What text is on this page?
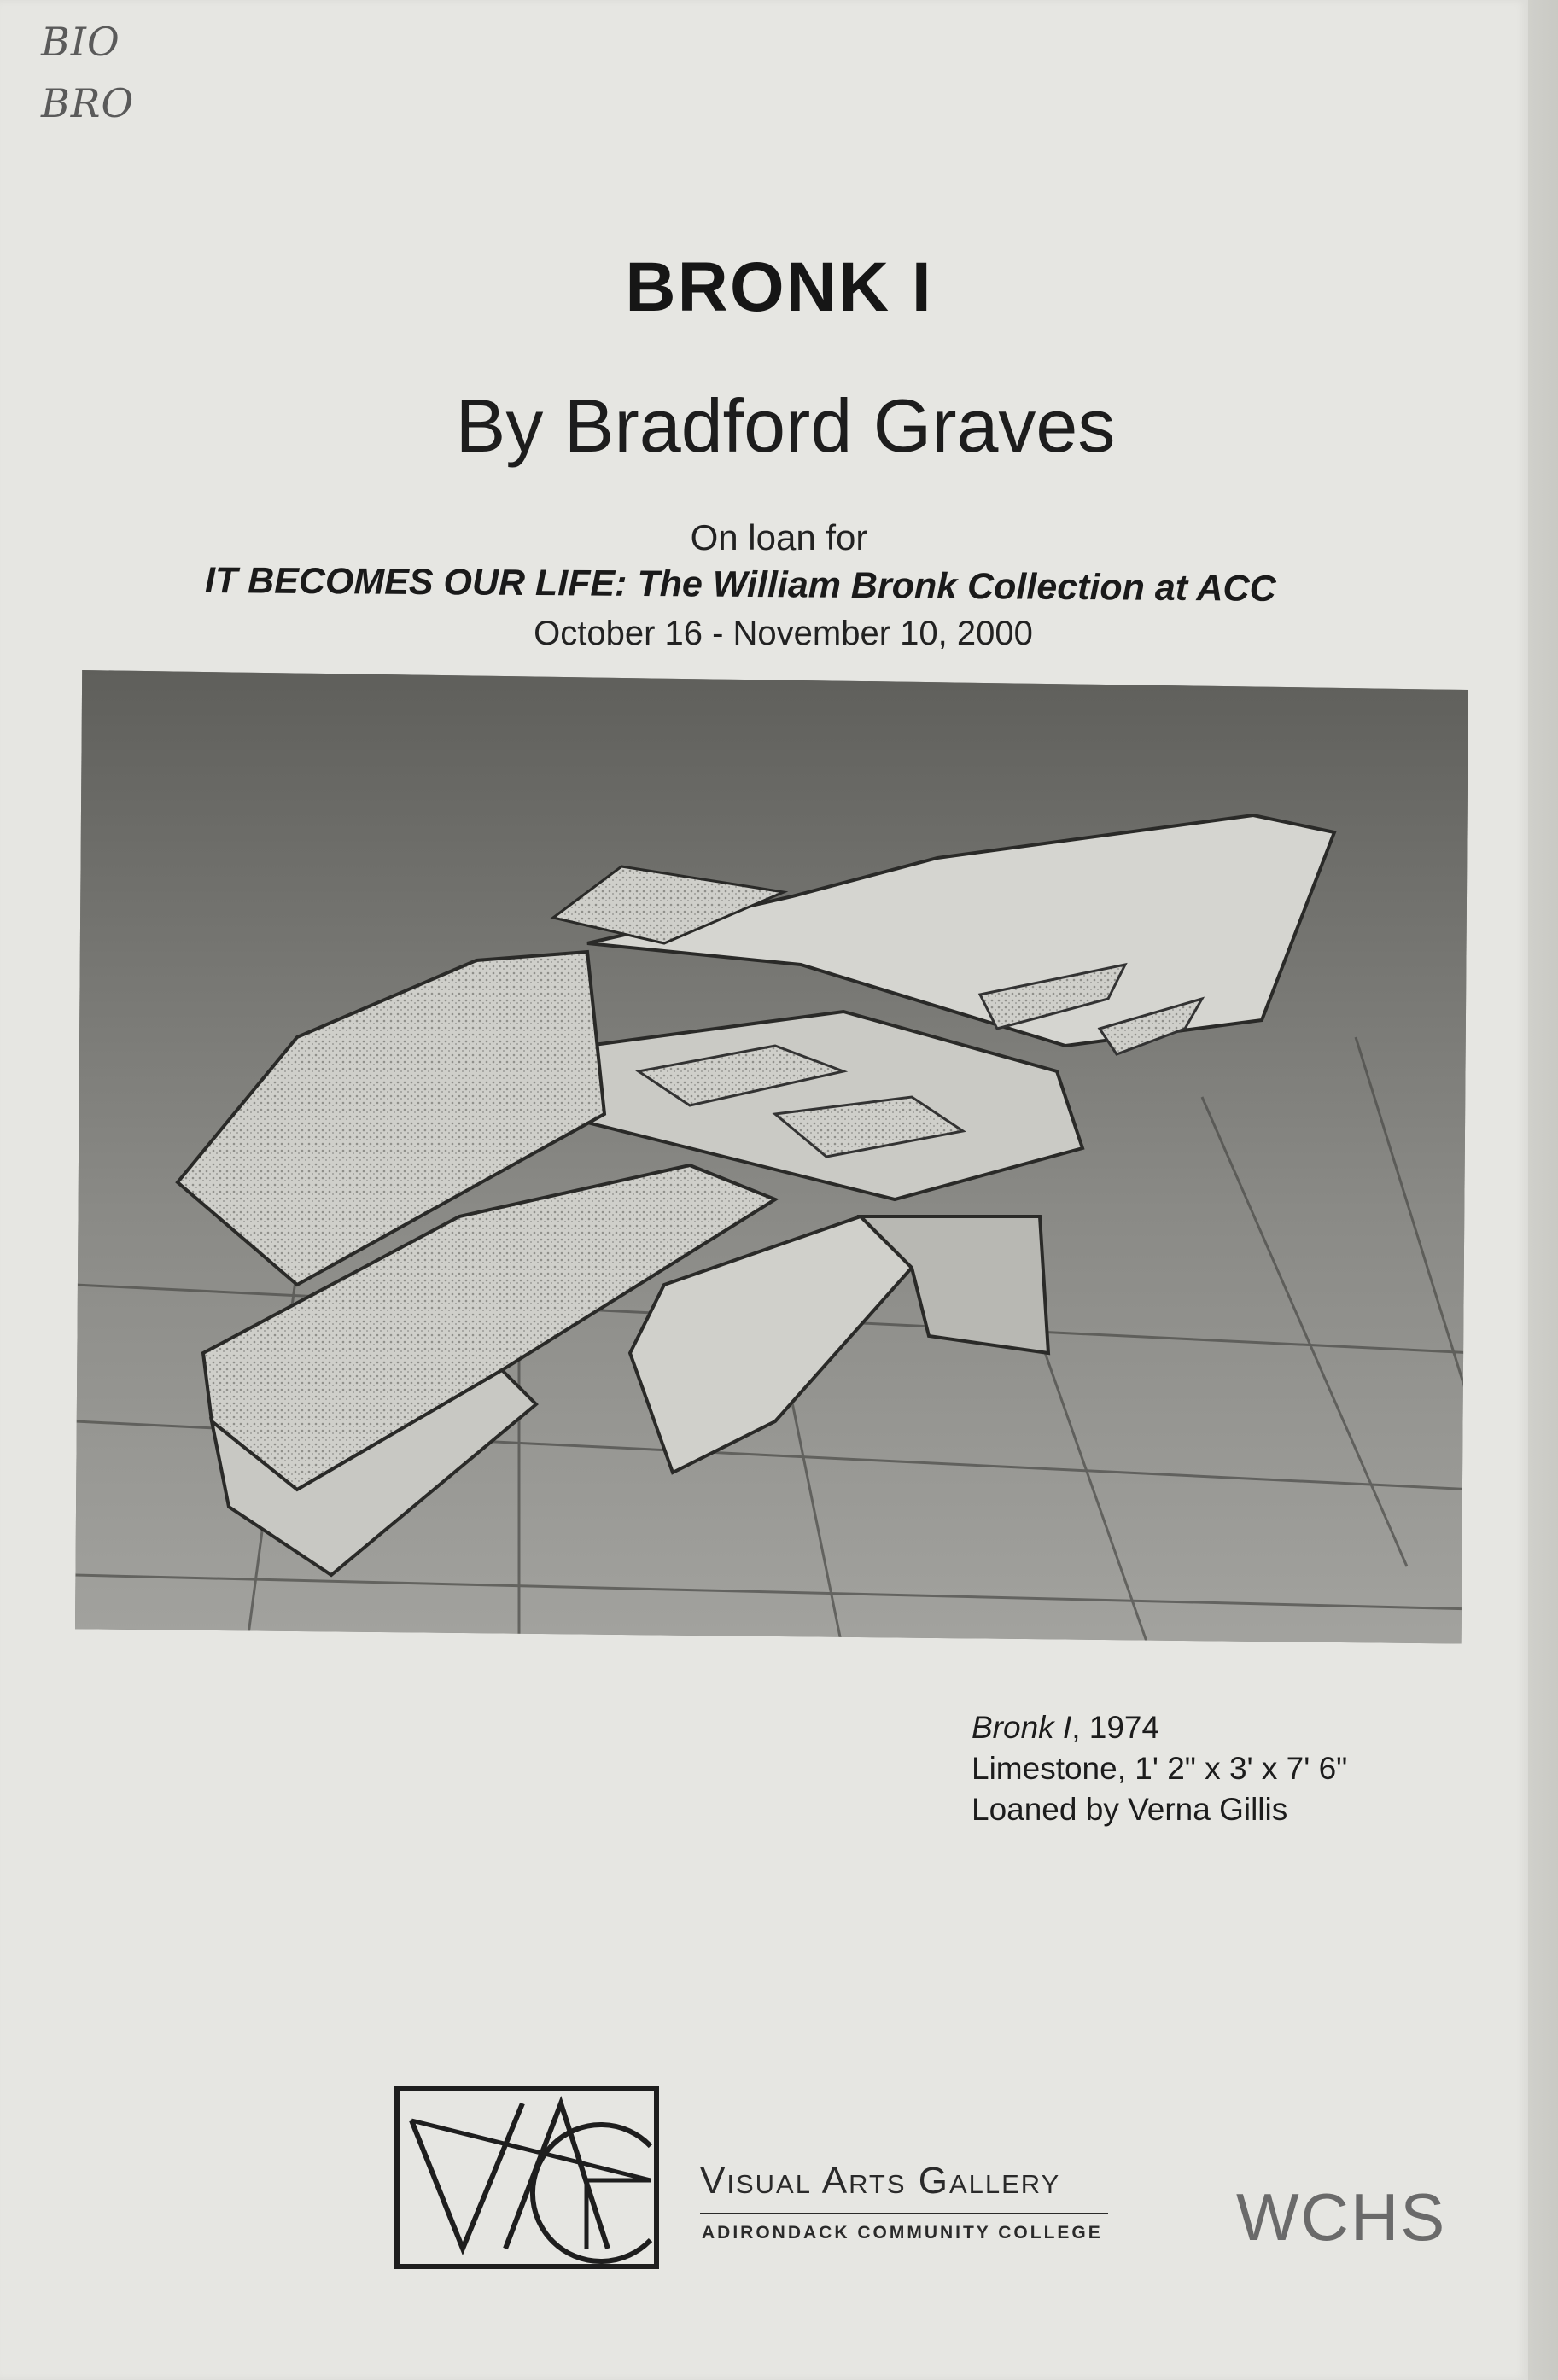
BIO
BRO
BRONK I
By Bradford Graves
On loan for
IT BECOMES OUR LIFE: The William Bronk Collection at ACC
October 16 - November 10, 2000
Bronk I, 1974
Limestone, 1' 2" x 3' x 7' 6"
Loaned by Verna Gillis
Visual Arts Gallery
ADIRONDACK COMMUNITY COLLEGE WCHS
